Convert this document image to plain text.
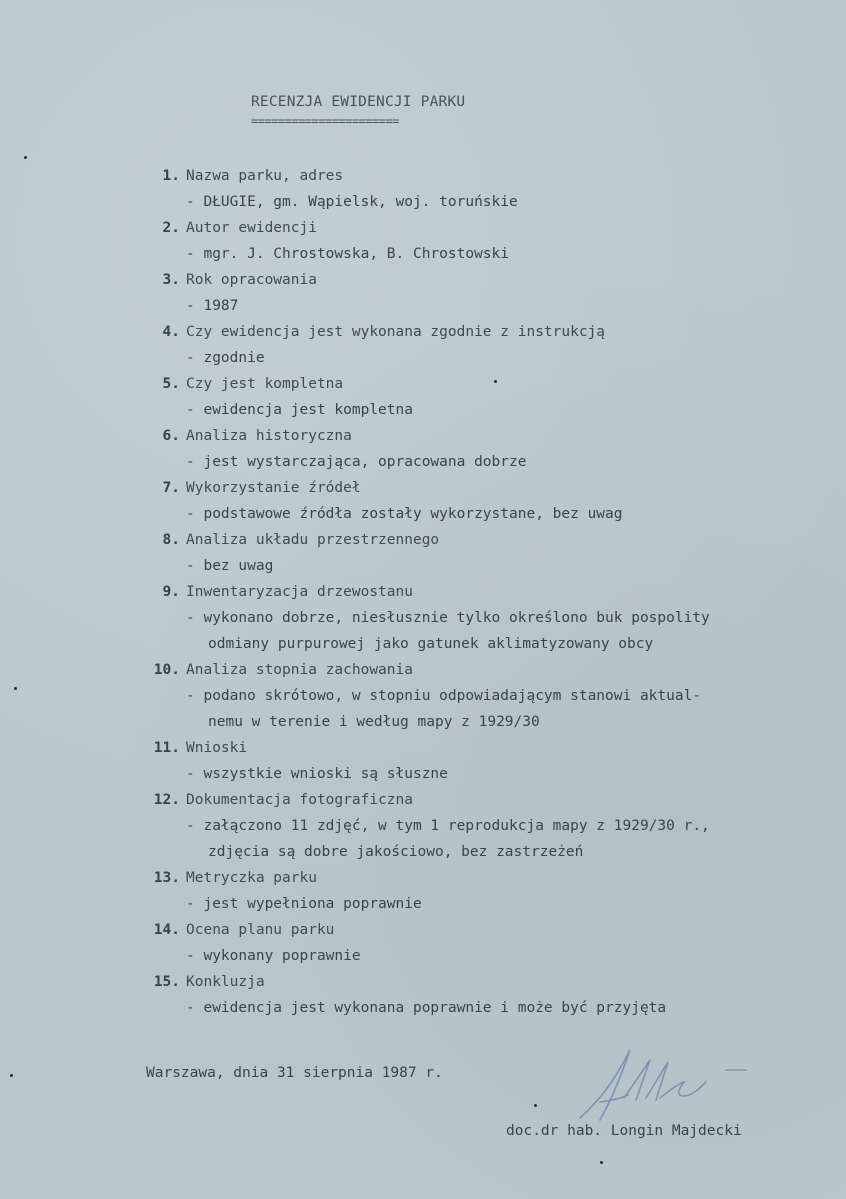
RECENZJA EWIDENCJI PARKU
======================
1. Nazwa parku, adres
- DŁUGIE, gm. Wąpielsk, woj. toruńskie
2. Autor ewidencji
- mgr. J. Chrostowska, B. Chrostowski
3. Rok opracowania
- 1987
4. Czy ewidencja jest wykonana zgodnie z instrukcją
- zgodnie
5. Czy jest kompletna
- ewidencja jest kompletna
6. Analiza historyczna
- jest wystarczająca, opracowana dobrze
7. Wykorzystanie źródeł
- podstawowe źródła zostały wykorzystane, bez uwag
8. Analiza układu przestrzennego
- bez uwag
9. Inwentaryzacja drzewostanu
- wykonano dobrze, niesłusznie tylko określono buk pospolity
odmiany purpurowej jako gatunek aklimatyzowany obcy
10. Analiza stopnia zachowania
- podano skrótowo, w stopniu odpowiadającym stanowi aktual-
nemu w terenie i według mapy z 1929/30
11. Wnioski
- wszystkie wnioski są słuszne
12. Dokumentacja fotograficzna
- załączono 11 zdjęć, w tym 1 reprodukcja mapy z 1929/30 r.,
zdjęcia są dobre jakościowo, bez zastrzeżeń
13. Metryczka parku
- jest wypełniona poprawnie
14. Ocena planu parku
- wykonany poprawnie
15. Konkluzja
- ewidencja jest wykonana poprawnie i może być przyjęta
Warszawa, dnia 31 sierpnia 1987 r.
doc.dr hab. Longin Majdecki
